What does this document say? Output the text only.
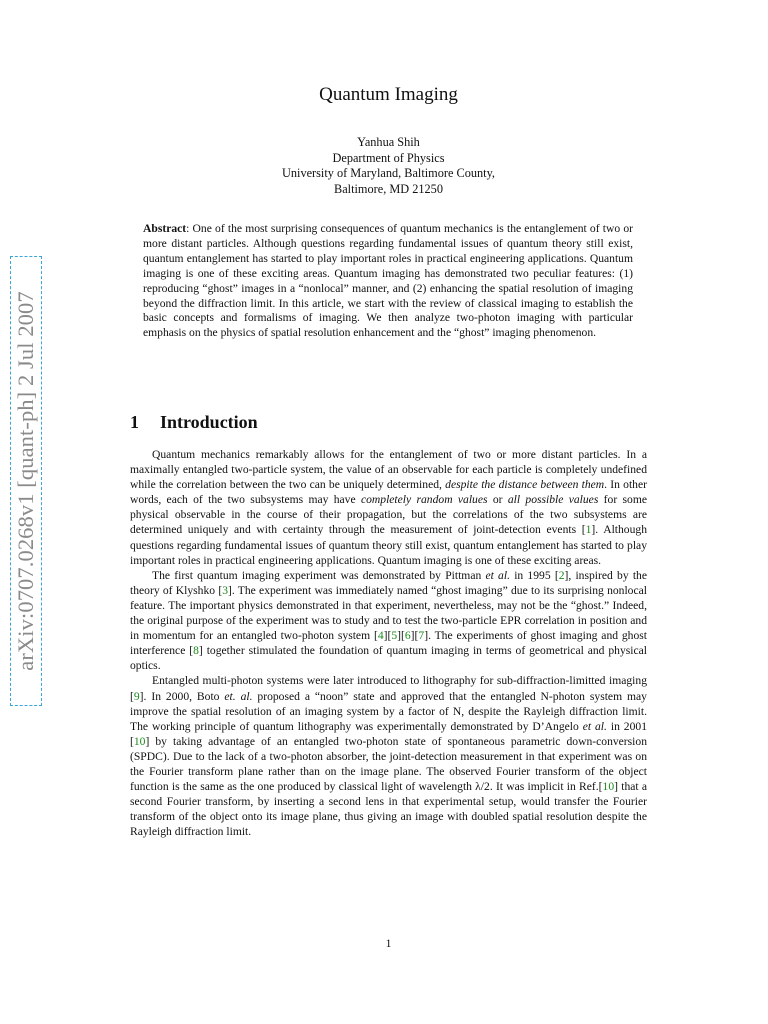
arXiv:0707.0268v1 [quant-ph] 2 Jul 2007
Quantum Imaging
Yanhua Shih
Department of Physics
University of Maryland, Baltimore County,
Baltimore, MD 21250
Abstract: One of the most surprising consequences of quantum mechanics is the entanglement of two or more distant particles. Although questions regarding fundamental issues of quantum theory still exist, quantum entanglement has started to play important roles in practical engineering applications. Quantum imaging is one of these exciting areas. Quantum imaging has demonstrated two peculiar features: (1) reproducing “ghost” images in a “nonlocal” manner, and (2) enhancing the spatial resolution of imaging beyond the diffraction limit. In this article, we start with the review of classical imaging to establish the basic concepts and formalisms of imaging. We then analyze two-photon imaging with particular emphasis on the physics of spatial resolution enhancement and the “ghost” imaging phenomenon.
1 Introduction

Quantum mechanics remarkably allows for the entanglement of two or more distant particles. In a maximally entangled two-particle system, the value of an observable for each particle is completely undefined while the correlation between the two can be uniquely determined, despite the distance between them. In other words, each of the two subsystems may have completely random values or all possible values for some physical observable in the course of their propagation, but the correlations of the two subsystems are determined uniquely and with certainty through the measurement of joint-detection events [1]. Although questions regarding fundamental issues of quantum theory still exist, quantum entanglement has started to play important roles in practical engineering applications. Quantum imaging is one of these exciting areas.

The first quantum imaging experiment was demonstrated by Pittman et al. in 1995 [2], inspired by the theory of Klyshko [3]. The experiment was immediately named “ghost imaging” due to its surprising nonlocal feature. The important physics demonstrated in that experiment, nevertheless, may not be the “ghost.” Indeed, the original purpose of the experiment was to study and to test the two-particle EPR correlation in position and in momentum for an entangled two-photon system [4][5][6][7]. The experiments of ghost imaging and ghost interference [8] together stimulated the foundation of quantum imaging in terms of geometrical and physical optics.

Entangled multi-photon systems were later introduced to lithography for sub-diffraction-limitted imaging [9]. In 2000, Boto et. al. proposed a “noon” state and approved that the entangled N-photon system may improve the spatial resolution of an imaging system by a factor of N, despite the Rayleigh diffraction limit. The working principle of quantum lithography was experimentally demonstrated by D’Angelo et al. in 2001 [10] by taking advantage of an entangled two-photon state of spontaneous parametric down-conversion (SPDC). Due to the lack of a two-photon absorber, the joint-detection measurement in that experiment was on the Fourier transform plane rather than on the image plane. The observed Fourier transform of the object function is the same as the one produced by classical light of wavelength λ/2. It was implicit in Ref.[10] that a second Fourier transform, by inserting a second lens in that experimental setup, would transfer the Fourier transform of the object onto its image plane, thus giving an image with doubled spatial resolution despite the Rayleigh diffraction limit.

1
